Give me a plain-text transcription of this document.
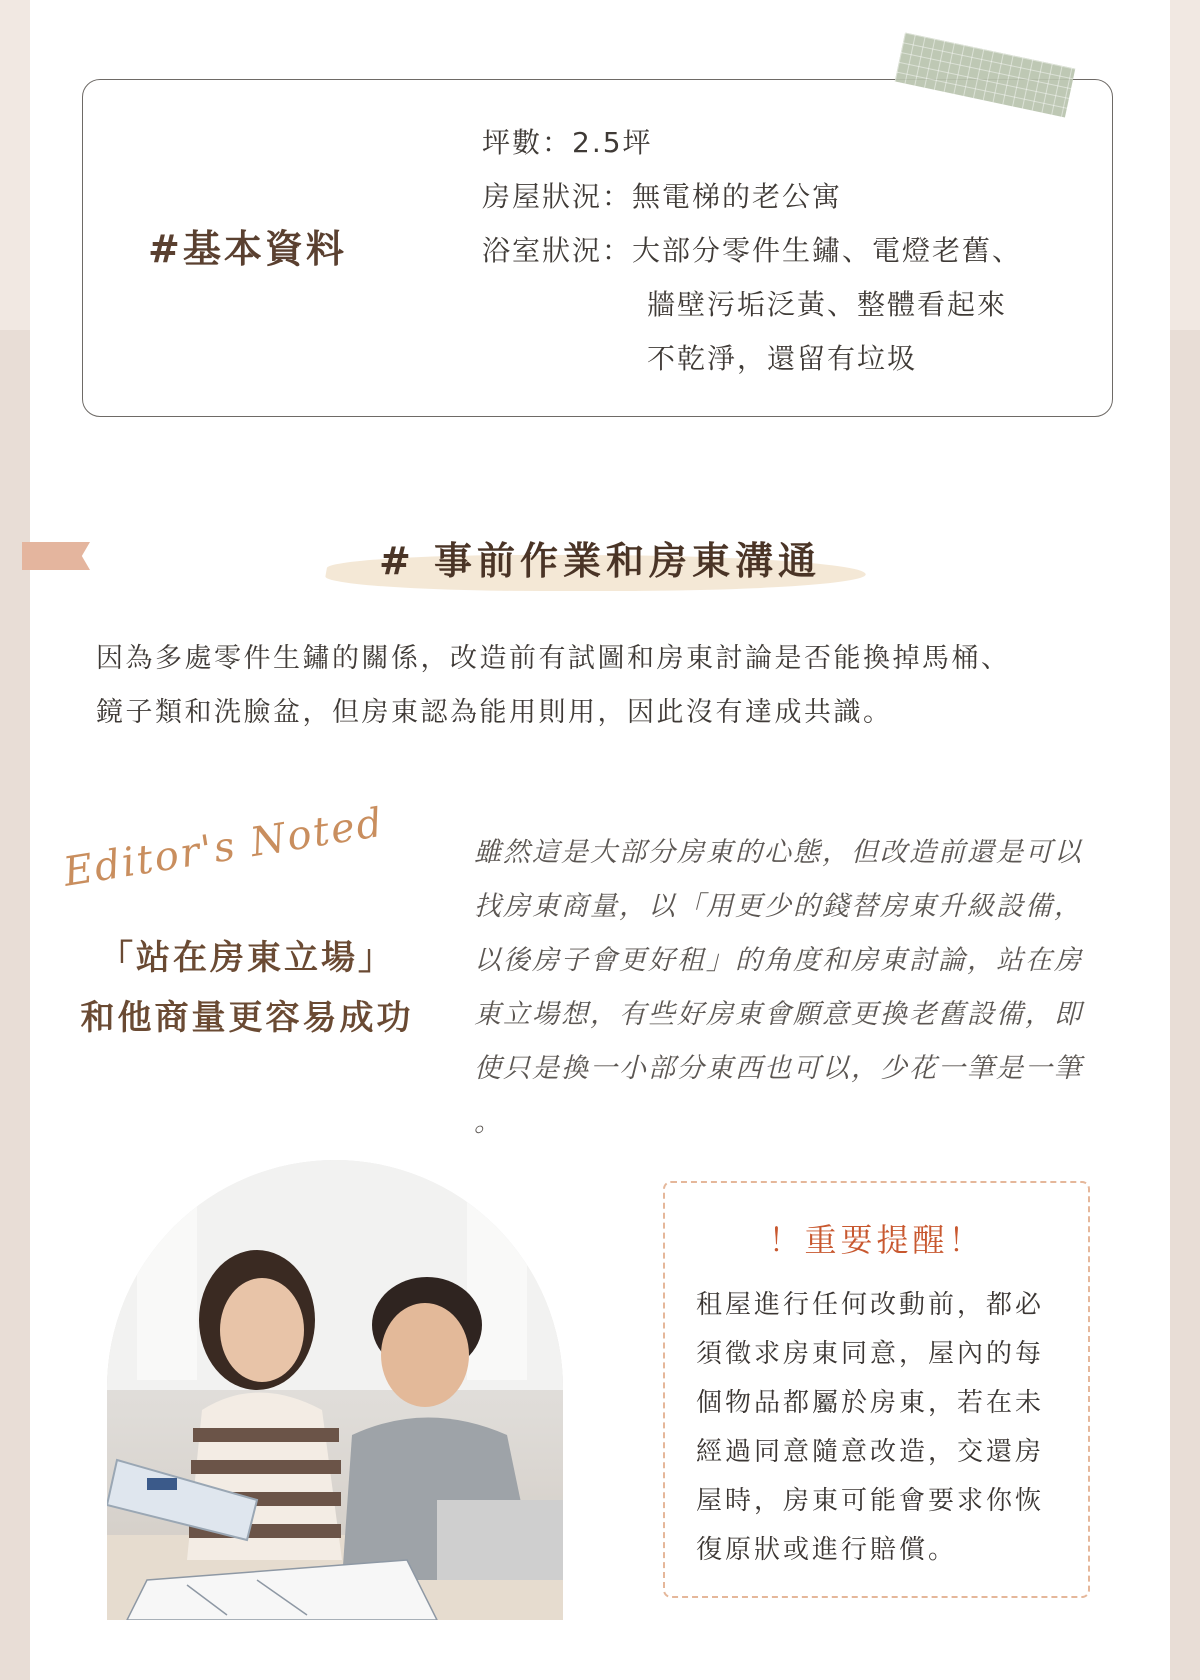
#基本資料
坪數： 2.5坪
房屋狀況： 無電梯的老公寓
浴室狀況： 大部分零件生鏽、電燈老舊、
牆壁污垢泛黃、整體看起來
不乾淨，還留有垃圾
# 事前作業和房東溝通
因為多處零件生鏽的關係，改造前有試圖和房東討論是否能換掉馬桶、
鏡子類和洗臉盆，但房東認為能用則用，因此沒有達成共識。
Editor's Noted
「站在房東立場」
和他商量更容易成功
雖然這是大部分房東的心態，但改造前還是可以
找房東商量，以「用更少的錢替房東升級設備，
以後房子會更好租」的角度和房東討論，站在房
東立場想，有些好房東會願意更換老舊設備，即
使只是換一小部分東西也可以，少花一筆是一筆
。
！重要提醒！
租屋進行任何改動前，都必
須徵求房東同意，屋內的每
個物品都屬於房東，若在未
經過同意隨意改造，交還房
屋時，房東可能會要求你恢
復原狀或進行賠償。
